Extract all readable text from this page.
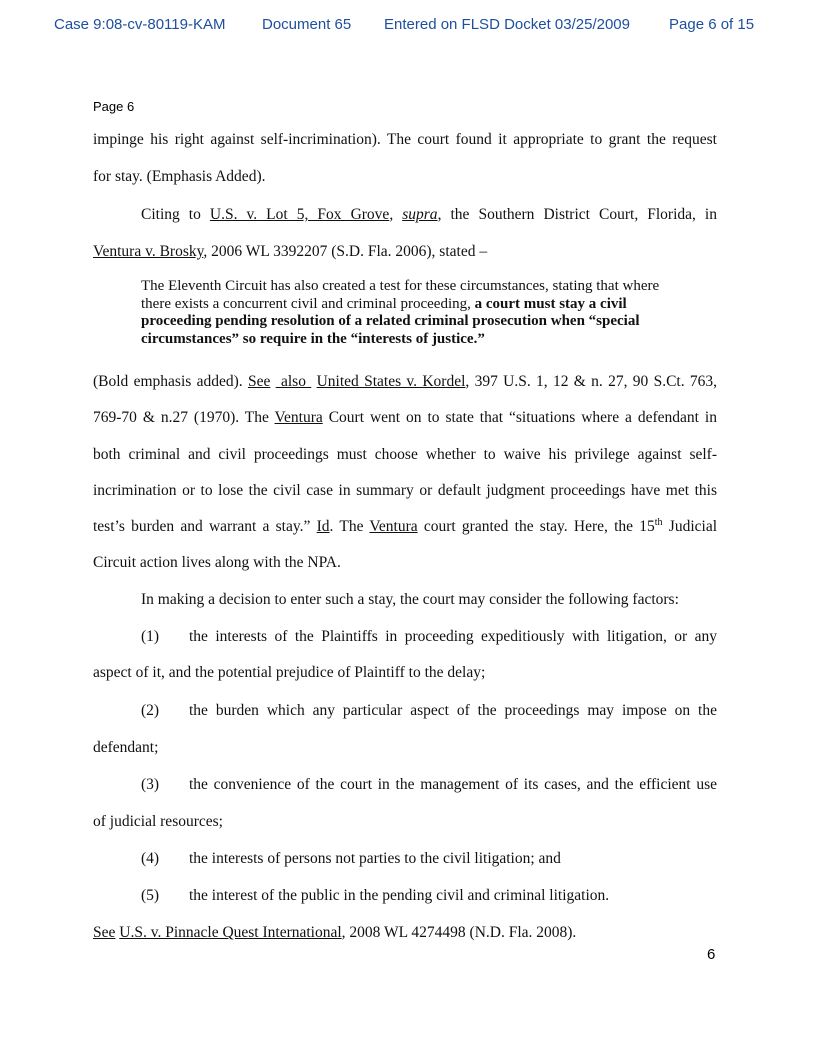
Case 9:08-cv-80119-KAM Document 65 Entered on FLSD Docket 03/25/2009	Page 6 of 15
Page 6
impinge his right against self-incrimination). The court found it appropriate to grant the request
for stay. (Emphasis Added).
Citing to U.S. v. Lot 5, Fox Grove, supra, the Southern District Court, Florida, in
Ventura v. Brosky, 2006 WL 3392207 (S.D. Fla. 2006), stated –
The Eleventh Circuit has also created a test for these circumstances, stating that where there exists a concurrent civil and criminal proceeding, a court must stay a civil proceeding pending resolution of a related criminal prosecution when “special circumstances” so require in the “interests of justice.”
(Bold emphasis added). See  also  United States v. Kordel, 397 U.S. 1, 12 & n. 27, 90 S.Ct. 763,
769-70 & n.27 (1970). The Ventura Court went on to state that “situations where a defendant in
both criminal and civil proceedings must choose whether to waive his privilege against self-
incrimination or to lose the civil case in summary or default judgment proceedings have met this
test’s burden and warrant a stay.” Id. The Ventura court granted the stay. Here, the 15th Judicial
Circuit action lives along with the NPA.
In making a decision to enter such a stay, the court may consider the following factors:
(1) the interests of the Plaintiffs in proceeding expeditiously with litigation, or any
aspect of it, and the potential prejudice of Plaintiff to the delay;
(2) the burden which any particular aspect of the proceedings may impose on the
defendant;
(3) the convenience of the court in the management of its cases, and the efficient use
of judicial resources;
(4) the interests of persons not parties to the civil litigation; and
(5) the interest of the public in the pending civil and criminal litigation.
See U.S. v. Pinnacle Quest International, 2008 WL 4274498 (N.D. Fla. 2008).
6
